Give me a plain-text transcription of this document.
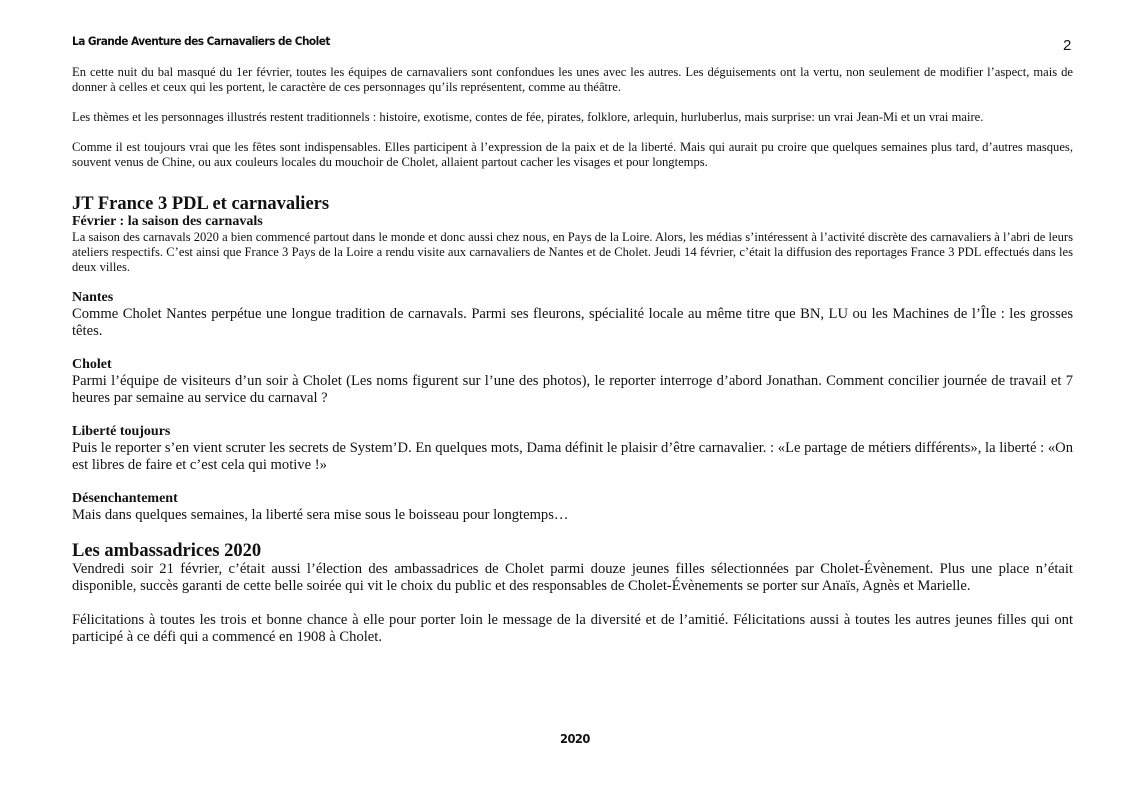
La Grande Aventure des Carnavaliers de Cholet	2

En cette nuit du bal masqué du 1er février, toutes les équipes de carnavaliers sont confondues les unes avec les autres. Les déguisements ont la vertu, non seulement de modifier l’aspect, mais de donner à celles et ceux qui les portent, le caractère de ces personnages qu’ils représentent, comme au théâtre.

Les thèmes et les personnages illustrés restent traditionnels : histoire, exotisme, contes de fée, pirates, folklore, arlequin, hurluberlus, mais surprise: un vrai Jean-Mi et un vrai maire.

Comme il est toujours vrai que les fêtes sont indispensables. Elles participent à l’expression de la paix et de la liberté. Mais qui aurait pu croire que quelques semaines plus tard, d’autres masques, souvent venus de Chine, ou aux couleurs locales du mouchoir de Cholet, allaient partout cacher les visages et pour longtemps.

JT France 3 PDL et carnavaliers
Février : la saison des carnavals

La saison des carnavals 2020 a bien commencé partout dans le monde et donc aussi chez nous, en Pays de la Loire. Alors, les médias s’intéressent à l’activité discrète des carnavaliers à l’abri de leurs ateliers respectifs. C’est ainsi que France 3 Pays de la Loire a rendu visite aux carnavaliers de Nantes et de Cholet. Jeudi 14 février, c’était la diffusion des reportages France 3 PDL effectués dans les deux villes.

Nantes

Comme Cholet Nantes perpétue une longue tradition de carnavals. Parmi ses fleurons, spécialité locale au même titre que BN, LU ou les Machines de l’Île : les grosses têtes.

Cholet

Parmi l’équipe de visiteurs d’un soir à Cholet (Les noms figurent sur l’une des photos), le reporter interroge d’abord Jonathan. Comment concilier journée de travail et 7 heures par semaine au service du carnaval ?

Liberté toujours

Puis le reporter s’en vient scruter les secrets de System’D. En quelques mots, Dama définit le plaisir d’être carnavalier. : «Le partage de métiers différents», la liberté : «On est libres de faire et c’est cela qui motive !»

Désenchantement

Mais dans quelques semaines, la liberté sera mise sous le boisseau pour longtemps…

Les ambassadrices 2020

Vendredi soir 21 février, c’était aussi l’élection des ambassadrices de Cholet parmi douze jeunes filles sélectionnées par Cholet-Évènement. Plus une place n’était disponible, succès garanti de cette belle soirée qui vit le choix du public et des responsables de Cholet-Évènements se porter sur Anaïs, Agnès et Marielle.

Félicitations à toutes les trois et bonne chance à elle pour porter loin le message de la diversité et de l’amitié. Félicitations aussi à toutes les autres jeunes filles qui ont participé à ce défi qui a commencé en 1908 à Cholet.

2020
